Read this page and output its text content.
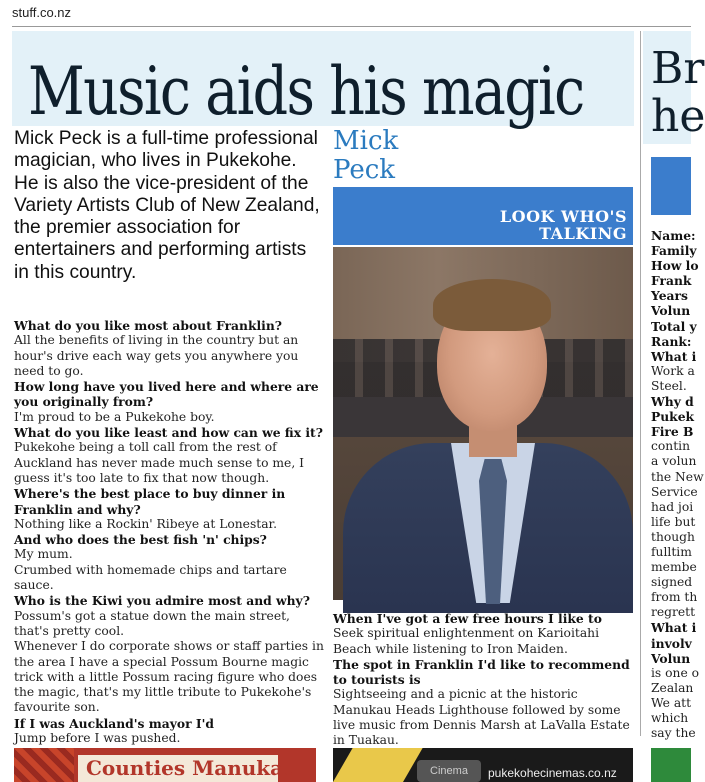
stuff.co.nz
Music aids his magic
Mick Peck is a full-time professional magician, who lives in Pukekohe. He is also the vice-president of the Variety Artists Club of New Zealand, the premier association for entertainers and performing artists in this country.
What do you like most about Franklin?
All the benefits of living in the country but an hour's drive each way gets you anywhere you need to go.
How long have you lived here and where are you originally from?
I'm proud to be a Pukekohe boy.
What do you like least and how can we fix it?
Pukekohe being a toll call from the rest of Auckland has never made much sense to me, I guess it's too late to fix that now though.
Where's the best place to buy dinner in Franklin and why?
Nothing like a Rockin' Ribeye at Lonestar.
And who does the best fish 'n' chips?
My mum.
Crumbed with homemade chips and tartare sauce.
Who is the Kiwi you admire most and why?
Possum's got a statue down the main street, that's pretty cool.
Whenever I do corporate shows or staff parties in the area I have a special Possum Bourne magic trick with a little Possum racing figure who does the magic, that's my little tribute to Pukekohe's favourite son.
If I was Auckland's mayor I'd
Jump before I was pushed.
Mick
Peck
LOOK WHO'S
TALKING
When I've got a few free hours I like to
Seek spiritual enlightenment on Karioitahi Beach while listening to Iron Maiden.
The spot in Franklin I'd like to recommend to tourists is
Sightseeing and a picnic at the historic Manukau Heads Lighthouse followed by some live music from Dennis Marsh at LaValla Estate in Tuakau.
Br
he
Name:
Family
How lo
Frank
Years
Volun
Total y
Rank:
What i
Work a
Steel.
Why d
Pukek
Fire B
contin
a volun
the New
Service
had joi
life but
though
fulltim
membe
signed
from th
regrett
What i
involv
Volun
is one o
Zealan
We att
which
say the
Counties Manukau	Cinema	pukekohecinemas.co.nz
